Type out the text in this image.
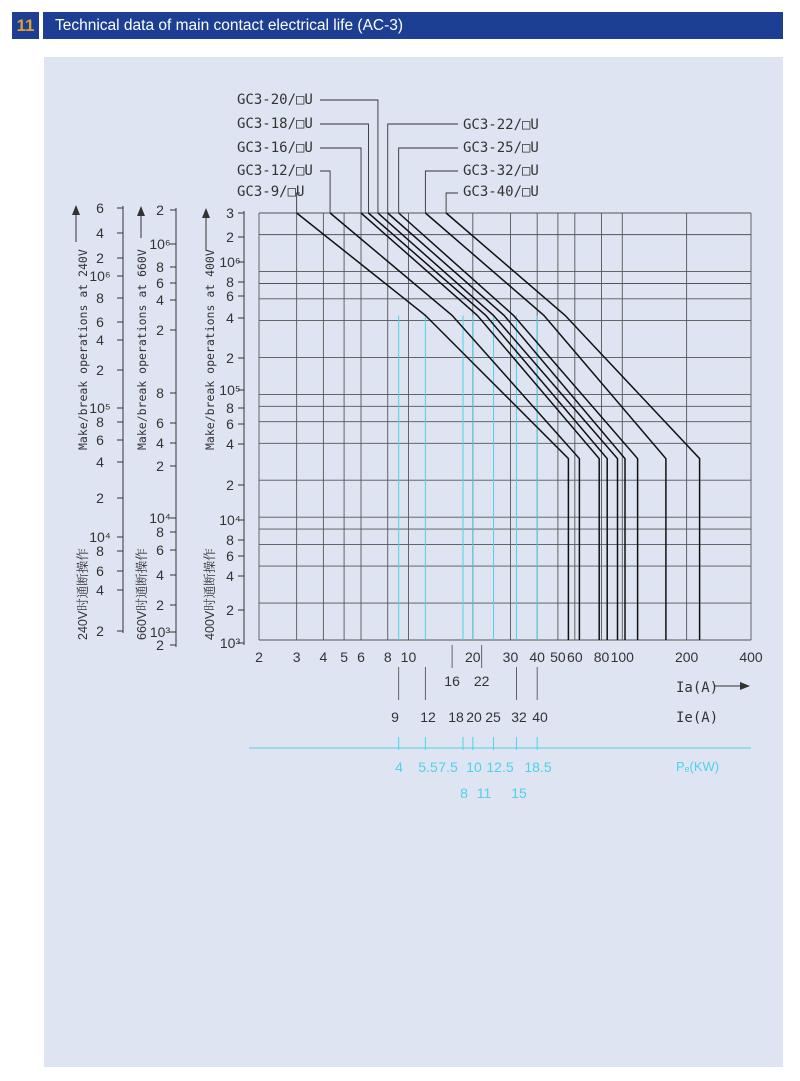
11	Technical data of main contact electrical life (AC-3)
2 3 4 5 6 8 10	20 30 40 50 60 80 100	200	400
16 22	Ia(A)
9 12 18 20 25 32 40	Ie(A)
4 5.5 7.5 10 12.5 18.5
8 11 15
Pₑ(KW)
6
4
2
10⁶
8
6
4
2
10⁵
8
6
4
2
10⁴
8
6
4
2
Make/break operations at 240V
240V时通断操作
2
10⁶
8
6
4
2
8
6
4
2
10⁴
8
6
4
2
10³
2
Make/break operations at 660V
660V时通断操作
3
2
10⁶
8
6
4
2
10⁵
8
6
4
2
10⁴
8
6
4
2
10³
Make/break operations at 400V
400V时通断操作
GC3-20/□U
GC3-18/□U
GC3-16/□U
GC3-12/□U
GC3-9/□U
GC3-22/□U
GC3-25/□U
GC3-32/□U
GC3-40/□U
